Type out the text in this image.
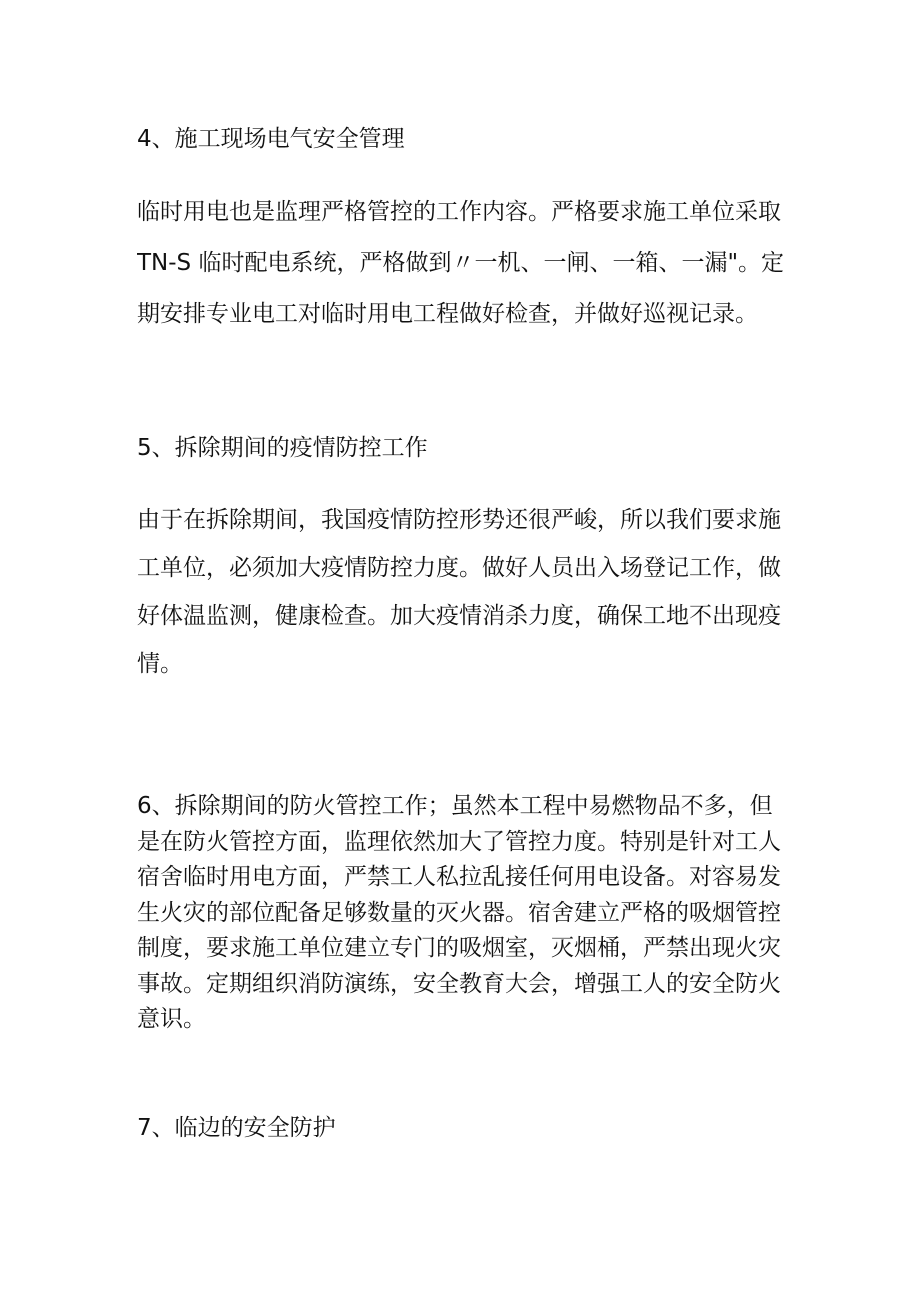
4、施工现场电气安全管理
临时用电也是监理严格管控的工作内容。严格要求施工单位采取
TN-S 临时配电系统，严格做到〃一机、一闸、一箱、一漏"。定
期安排专业电工对临时用电工程做好检查，并做好巡视记录。
5、拆除期间的疫情防控工作
由于在拆除期间，我国疫情防控形势还很严峻，所以我们要求施
工单位，必须加大疫情防控力度。做好人员出入场登记工作，做
好体温监测，健康检查。加大疫情消杀力度，确保工地不出现疫
情。
6、拆除期间的防火管控工作；虽然本工程中易燃物品不多，但
是在防火管控方面，监理依然加大了管控力度。特别是针对工人
宿舍临时用电方面，严禁工人私拉乱接任何用电设备。对容易发
生火灾的部位配备足够数量的灭火器。宿舍建立严格的吸烟管控
制度，要求施工单位建立专门的吸烟室，灭烟桶，严禁出现火灾
事故。定期组织消防演练，安全教育大会，增强工人的安全防火
意识。
7、临边的安全防护
